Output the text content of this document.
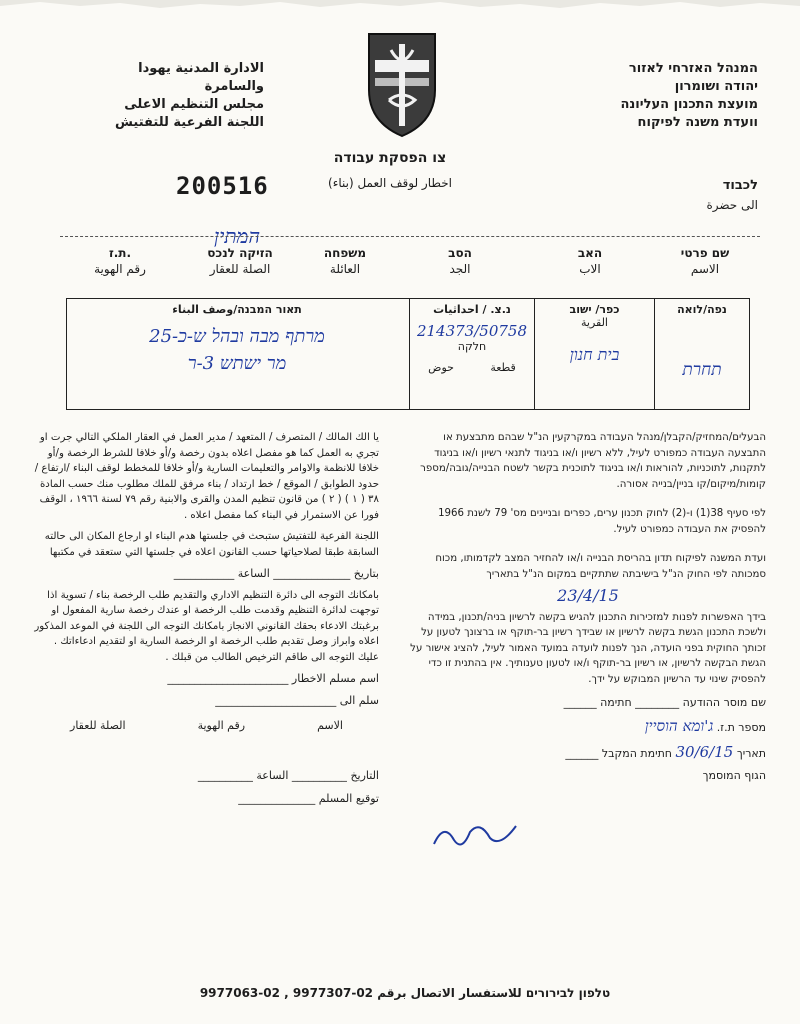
המנהל האזרחי לאזור
יהודה ושומרון
מועצת התכנון העליונה
וועדת משנה לפיקוח
الادارة المدنية يهودا
والسامرة
مجلس التنظيم الاعلى
اللجنة الفرعية للتفتيش
צו הפסקת עבודה
اخطار لوقف العمل (بناء)
200516	לכבוד
الى حضرة
המתין
שם פרטי
الاسم
האב
الاب
הסב
الجد
משפחה
العائلة
הזיקה לנכס
الصلة للعقار
ת.ז.
رقم الهوية
נפה/לואה
תחרת
כפר/ ישוב
القرية
בית חנון
נ.צ. / احداثيات
214373/50758
חלקה
حوض	قطعة
תאור המבנה/وصف البناء
מרתף מבה ובהל ש-כ-25
מר ישתש 3-ר

يا الك المالك / المتصرف / المتعهد / مدير العمل في العقار الملكي التالي جرت او تجري به العمل كما هو مفصل اعلاه بدون رخصة و/أو خلافا للشرط الرخصة و/أو خلافا للانظمة والاوامر والتعليمات السارية و/أو خلافا للمخطط لوقف البناء /ارتفاع / حدود الطوابق / الموقع / خط ارتداد / بناء مرفق للملك مطلوب منك حسب المادة ٣٨ ( ١ ) ( ٢ ) من قانون تنظيم المدن والقرى والابنية رقم ٧٩ لسنة ١٩٦٦ ، الوقف فورا عن الاستمرار في البناء كما مفصل اعلاه .

اللجنة الفرعية للتفتيش ستبحث في جلستها هدم البناء او ارجاع المكان الى حالته السابقة طبقا لصلاحياتها حسب القانون اعلاه في جلستها التي ستعقد في مكتبها

بتاريخ ______________ الساعة ___________

بامكانك التوجه الى دائرة التنظيم الاداري والتقديم طلب الرخصة بناء / تسوية اذا توجهت لدائرة التنظيم وقدمت طلب الرخصة او عندك رخصة سارية المفعول او برغبتك الادعاء بحقك القانوني الانجاز بامكانك التوجه الى اللجنة في الموعد المذكور اعلاه وابراز وصل تقديم طلب الرخصة او الرخصة السارية او لتقديم ادعاءاتك . عليك التوجه الى طاقم الترخيص الطالب من قبلك .

اسم مسلم الاخطار ______________________
سلم الى ______________________
الاسم
رقم الهوية
الصلة للعقار
التاريخ __________ الساعة __________
توقيع المسلم ______________

הבעלים/המחזיק/הקבלן/מנהל העבודה במקרקעין הנ"ל שבהם מתבצעת או התבצעה העבודה כמפורט לעיל, ללא רשיון ו/או בניגוד לתנאי רשיון ו/או בניגוד לתקנות, לתוכניות, להוראות ו/או בניגוד לתוכנית בקשר לשטח הבנייה/גובה/מספר קומות/מיקום/קו בניין/בנייה אסורה.

לפי סעיף 38(1) ו-(2) לחוק תכנון ערים, כפרים ובניינים מס' 79 לשנת 1966 להפסיק את העבודה כמפורט לעיל.

ועדת המשנה לפיקוח תדון בהריסת הבנייה ו/או להחזיר המצב לקדמותו, מכוח סמכותה לפי החוק הנ"ל בישיבתה שתתקיים במקום הנ"ל בתאריך

23/4/15

בידך האפשרות לפנות למזכירות התכנון להגיש בקשה לרשיון בניה/תכנון, במידה ולשכת התכנון הגשת בקשה לרשיון או שבידך רשיון בר-תוקף או ברצונך לטעון על זכותך החוקית בפני הועדה, הנך לפנות לועדה במועד האמור לעיל, להציג אישור על הגשת הבקשה לרשיון, או רשיון בר-תוקף ו/או לטעון טענותיך. אין בהתנית זו כדי להפסיק שינוי עד הרשיון המבוקש על ידך.

שם מוסר ההודעה ________ חתימה ______
מספר ת.ז. ג'ומא הוסיין
תאריך 30/6/15 חתימת המקבל ______
הגוף המוסמך
טלפון לבירורים للاستفسار الاتصال برقم 02-9977307 , 02-9977063
